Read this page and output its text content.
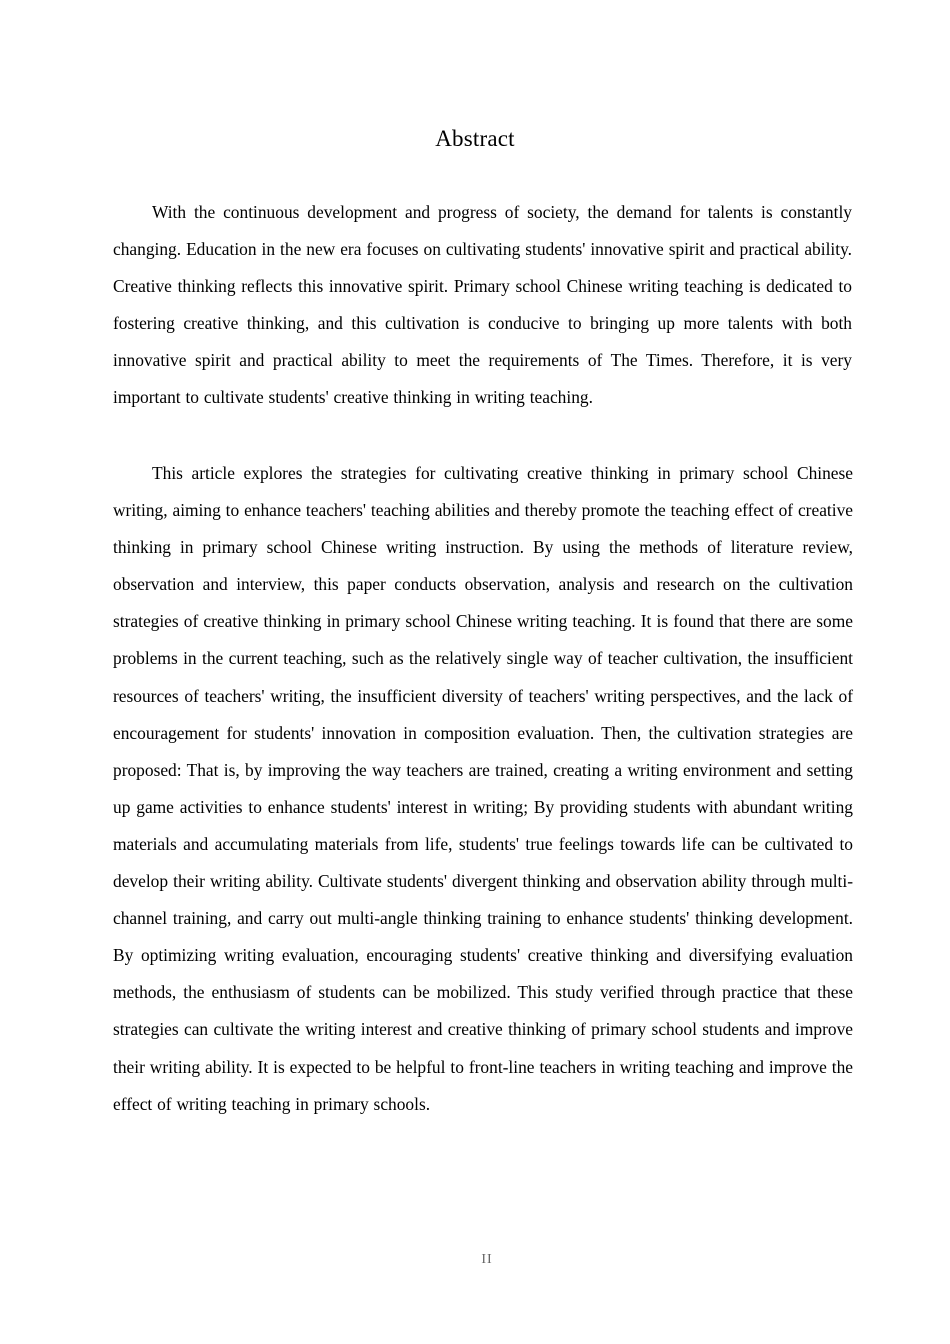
Abstract

With the continuous development and progress of society, the demand for talents is constantly changing. Education in the new era focuses on cultivating students' innovative spirit and practical ability. Creative thinking reflects this innovative spirit. Primary school Chinese writing teaching is dedicated to fostering creative thinking, and this cultivation is conducive to bringing up more talents with both innovative spirit and practical ability to meet the requirements of The Times. Therefore, it is very important to cultivate students' creative thinking in writing teaching.

This article explores the strategies for cultivating creative thinking in primary school Chinese writing, aiming to enhance teachers' teaching abilities and thereby promote the teaching effect of creative thinking in primary school Chinese writing instruction. By using the methods of literature review, observation and interview, this paper conducts observation, analysis and research on the cultivation strategies of creative thinking in primary school Chinese writing teaching. It is found that there are some problems in the current teaching, such as the relatively single way of teacher cultivation, the insufficient resources of teachers' writing, the insufficient diversity of teachers' writing perspectives, and the lack of encouragement for students' innovation in composition evaluation. Then, the cultivation strategies are proposed: That is, by improving the way teachers are trained, creating a writing environment and setting up game activities to enhance students' interest in writing; By providing students with abundant writing materials and accumulating materials from life, students' true feelings towards life can be cultivated to develop their writing ability. Cultivate students' divergent thinking and observation ability through multi-channel training, and carry out multi-angle thinking training to enhance students' thinking development. By optimizing writing evaluation, encouraging students' creative thinking and diversifying evaluation methods, the enthusiasm of students can be mobilized. This study verified through practice that these strategies can cultivate the writing interest and creative thinking of primary school students and improve their writing ability. It is expected to be helpful to front-line teachers in writing teaching and improve the effect of writing teaching in primary schools.

II
